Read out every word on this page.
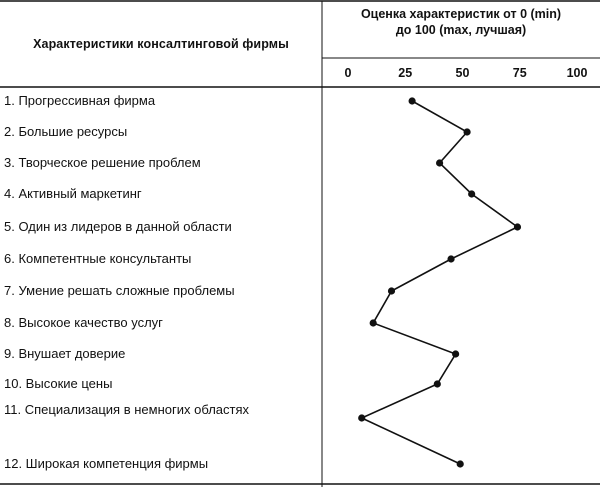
Характеристики консалтинговой фирмы
Оценка характеристик от 0 (min)
до 100 (max, лучшая)
0	25	50	75	100
1. Прогрессивная фирма
2. Большие ресурсы
3. Творческое решение проблем
4. Активный маркетинг
5. Один из лидеров в данной области
6. Компетентные консультанты
7. Умение решать сложные проблемы
8. Высокое качество услуг
9. Внушает доверие
10. Высокие цены
11. Специализация в немногих областях
12. Широкая компетенция фирмы
